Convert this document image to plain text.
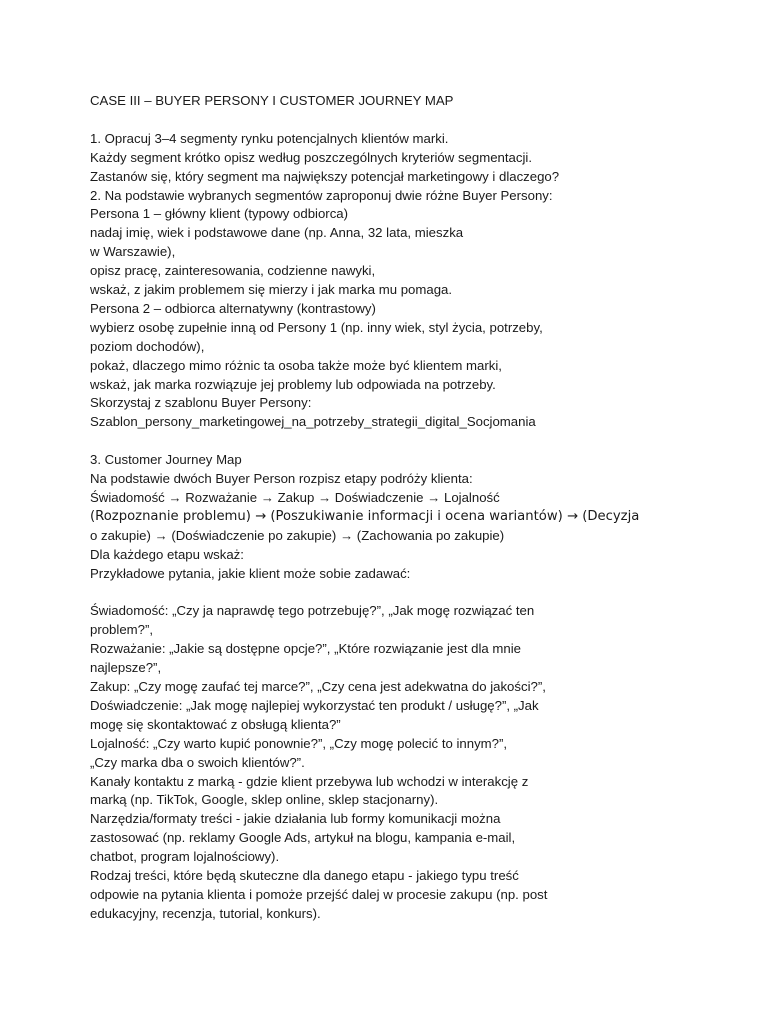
CASE III – BUYER PERSONY I CUSTOMER JOURNEY MAP
1. Opracuj 3–4 segmenty rynku potencjalnych klientów marki.
Każdy segment krótko opisz według poszczególnych kryteriów segmentacji.
Zastanów się, który segment ma największy potencjał marketingowy i dlaczego?
2. Na podstawie wybranych segmentów zaproponuj dwie różne Buyer Persony:
Persona 1 – główny klient (typowy odbiorca)
nadaj imię, wiek i podstawowe dane (np. Anna, 32 lata, mieszka
w Warszawie),
opisz pracę, zainteresowania, codzienne nawyki,
wskaż, z jakim problemem się mierzy i jak marka mu pomaga.
Persona 2 – odbiorca alternatywny (kontrastowy)
wybierz osobę zupełnie inną od Persony 1 (np. inny wiek, styl życia, potrzeby,
poziom dochodów),
pokaż, dlaczego mimo różnic ta osoba także może być klientem marki,
wskaż, jak marka rozwiązuje jej problemy lub odpowiada na potrzeby.
Skorzystaj z szablonu Buyer Persony:
Szablon_persony_marketingowej_na_potrzeby_strategii_digital_Socjomania
3. Customer Journey Map
Na podstawie dwóch Buyer Person rozpisz etapy podróży klienta:
Świadomość → Rozważanie → Zakup → Doświadczenie → Lojalność
(Rozpoznanie problemu) → (Poszukiwanie informacji i ocena wariantów) → (Decyzja
o zakupie) → (Doświadczenie po zakupie) → (Zachowania po zakupie)
Dla każdego etapu wskaż:
Przykładowe pytania, jakie klient może sobie zadawać:
Świadomość: „Czy ja naprawdę tego potrzebuję?”, „Jak mogę rozwiązać ten
problem?”,
Rozważanie: „Jakie są dostępne opcje?”, „Które rozwiązanie jest dla mnie
najlepsze?”,
Zakup: „Czy mogę zaufać tej marce?”, „Czy cena jest adekwatna do jakości?”,
Doświadczenie: „Jak mogę najlepiej wykorzystać ten produkt / usługę?”, „Jak
mogę się skontaktować z obsługą klienta?”
Lojalność: „Czy warto kupić ponownie?”, „Czy mogę polecić to innym?”,
„Czy marka dba o swoich klientów?”.
Kanały kontaktu z marką - gdzie klient przebywa lub wchodzi w interakcję z
marką (np. TikTok, Google, sklep online, sklep stacjonarny).
Narzędzia/formaty treści - jakie działania lub formy komunikacji można
zastosować (np. reklamy Google Ads, artykuł na blogu, kampania e-mail,
chatbot, program lojalnościowy).
Rodzaj treści, które będą skuteczne dla danego etapu - jakiego typu treść
odpowie na pytania klienta i pomoże przejść dalej w procesie zakupu (np. post
edukacyjny, recenzja, tutorial, konkurs).
